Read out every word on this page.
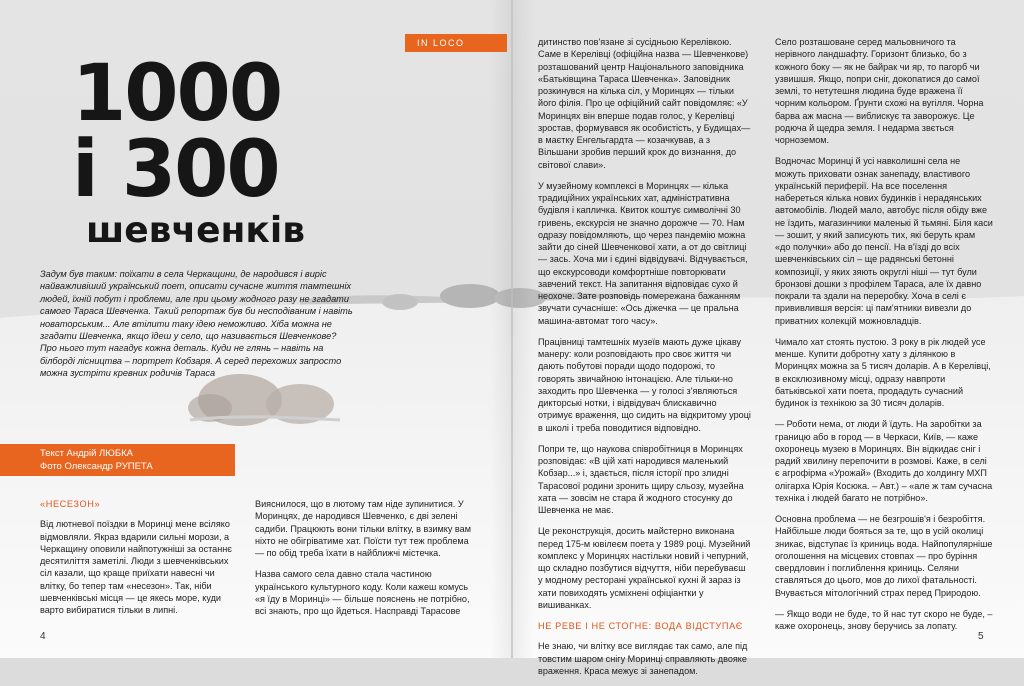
IN LOCO
1000
і 300
шевченків

Задум був таким: поїхати в села Черкащини, де народився і виріс найважливіший український поет, описати сучасне життя тамтешніх людей, їхній побут і проблеми, але при цьому жодного разу не згадати самого Тараса Шевченка. Такий репортаж був би несподіваним і навіть новаторським... Але втілити таку ідею неможливо. Хіба можна не згадати Шевченка, якщо їдеш у село, що називається Шевченкове? Про нього тут нагадує кожна деталь. Куди не глянь – навіть на білборді лісництва – портрет Кобзаря. А серед перехожих запросто можна зустріти кревних родичів Тараса

Текст Андрій ЛЮБКА
Фото Олександр РУПЕТА

«НЕСЕЗОН»

Від лютневої поїздки в Моринці мене всіляко відмовляли. Якраз вдарили сильні морози, а Черкащину оповили найпотужніші за останнє десятиліття заметілі. Люди з шевченківських сіл казали, що краще приїхати навесні чи влітку, бо тепер там «несезон». Так, ніби шевченківські місця — це якесь море, куди варто вибиратися тільки в липні.

Вияснилося, що в лютому там ніде зупинитися. У Моринцях, де народився Шевченко, є дві зелені садиби. Працюють вони тільки влітку, в взимку вам ніхто не обігріватиме хат. Поїсти тут теж проблема — по обід треба їхати в найближчі містечка.

Назва самого села давно стала частиною українського культурного коду. Коли кажеш комусь «я їду в Моринці» — більше пояснень не потрібно, всі знають, про що йдеться. Насправді Тарасове

дитинство пов'язане зі сусідньою Керелівкою. Саме в Керелівці (офіційна назва — Шевченкове) розташований центр Національного заповідника «Батьківщина Тараса Шевченка». Заповідник розкинувся на кілька сіл, у Моринцях — тільки його філія. Про це офіційний сайт повідомляє: «У Моринцях він вперше подав голос, у Керелівці зростав, формувався як особистість, у Будищах— в маєтку Енгельгардта — козачкував, а з Вільшани зробив перший крок до визнання, до світової слави».

У музейному комплексі в Моринцях — кілька традиційних українських хат, адміністративна будівля і капличка. Квиток коштує символічні 30 гривень, екскурсія не значно дорожче — 70. Нам одразу повідомляють, що через пандемію можна зайти до сіней Шевченкової хати, а от до світлиці — зась. Хоча ми і єдині відвідувачі. Відчувається, що екскурсоводи комфортніше повторювати завчений текст. На запитання відповідає сухо й неохоче. Зате розповідь помережана бажанням звучати сучасніше: «Ось діжечка — це пральна машина-автомат того часу».

Працівниці тамтешніх музеїв мають дуже цікаву манеру: коли розповідають про своє життя чи дають побутові поради щодо подорожі, то говорять звичайною інтонацією. Але тільки-но заходить про Шевченка — у голосі з'являються дикторські нотки, і відвідувач блискавично отримує враження, що сидить на відкритому уроці в школі і треба поводитися відповідно.

Попри те, що наукова співробітниця в Моринцях розповідає: «В цій хаті народився маленький Кобзар...» і, здається, після історії про злидні Тарасової родини зронить щиру сльозу, музейна хата — зовсім не стара й жодного стосунку до Шевченка не має.

Це реконструкція, досить майстерно виконана перед 175-м ювілеєм поета у 1989 році. Музейний комплекс у Моринцях настільки новий і чепурний, що складно позбутися відчуття, ніби перебуваєш у модному ресторані української кухні й зараз із хати повиходять усміхнені офіціантки у вишиванках.

НЕ РЕВЕ І НЕ СТОГНЕ: ВОДА ВІДСТУПАЄ

Не знаю, чи влітку все виглядає так само, але під товстим шаром снігу Моринці справляють двояке враження. Краса межує зі занепадом.

Село розташоване серед мальовничого та нерівного ландшафту. Горизонт близько, бо з кожного боку — як не байрак чи яр, то пагорб чи узвишшя. Якщо, попри сніг, докопатися до самої землі, то нетутешня людина буде вражена її чорним кольором. Ґрунти схожі на вугілля. Чорна барва аж масна — виблискує та заворожує. Це родюча й щедра земля. І недарма звється чорноземом.

Водночас Моринці й усі навколишні села не можуть приховати ознак занепаду, властивого українській периферії. На все поселення набереться кілька нових будинків і нерадянських автомобілів. Людей мало, автобус після обіду вже не їздить, магазинчики маленькі й тьмяні. Біля каси — зошит, у який записують тих, які беруть крам «до получки» або до пенсії. На в'їзді до всіх шевченківських сіл – ще радянські бетонні композиції, у яких зяють округлі ніші — тут були бронзові дошки з профілем Тараса, але їх давно покрали та здали на переробку. Хоча в селі є прививлившя версія: ці пам'ятники вивезли до приватних колекцій можновладців.

Чимало хат стоять пустою. З року в рік людей усе менше. Купити добротну хату з ділянкою в Моринцях можна за 5 тисяч доларів. А в Керелівці, в ексклюзивному місці, одразу навпроти батьківської хати поета, продадуть сучасний будинок із технікою за 30 тисяч доларів.

— Роботи нема, от люди й їдуть. На заробітки за границю або в город — в Черкаси, Київ, — каже охоронець музею в Моринцях. Він відкидає сніг і радий хвилину перепочити в розмові. Каже, в селі є агрофірма «Урожай» (Входить до холдингу МХП олігарха Юрія Косюка. – Авт.) – «але ж там сучасна техніка і людей багато не потрібно».

Основна проблема — не безгрошів'я і безробіття. Найбільше люди бояться за те, що в усій околиці зникає, відступає їз криниць вода. Найпопулярніше оголошення на місцевих стовпах — про буріння свердловин і поглиблення криниць. Селяни ставляться до цього, мов до лихої фатальності. Вчувається мітологічний страх перед Природою.

— Якщо води не буде, то й нас тут скоро не буде, – каже охоронець, знову беручись за лопату.

4	5
